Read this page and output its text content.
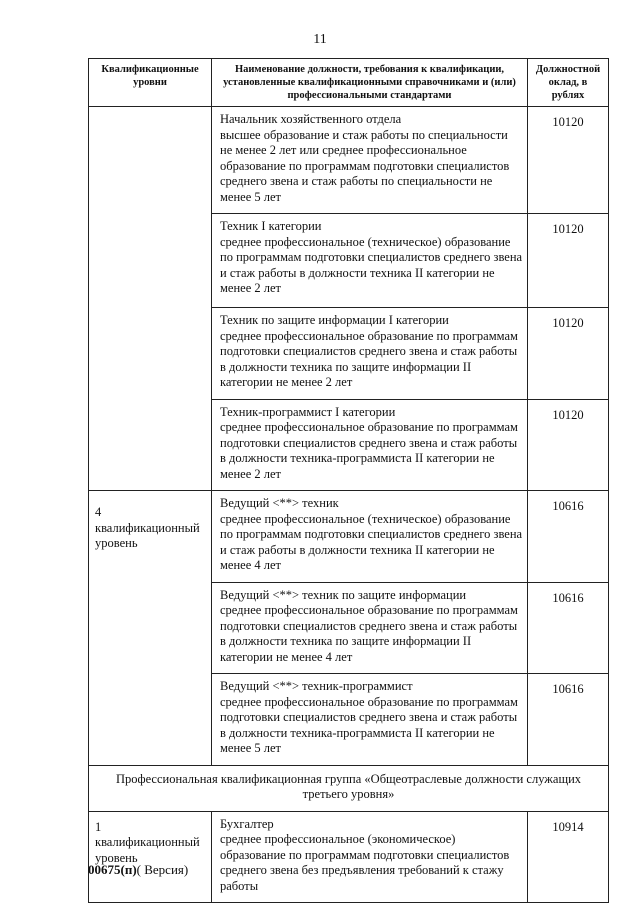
11
Квалификационные уровни	Наименование должности, требования к квалификации, установленные квалификационными справочниками и (или) профессиональными стандартами	Должностной оклад, в рублях

	Начальник хозяйственного отдела
высшее образование и стаж работы по специальности не менее 2 лет или среднее профессиональное образование по программам подготовки специалистов среднего звена и стаж работы по специальности не менее 5 лет	10120

	Техник I категории
среднее профессиональное (техническое) образование по программам подготовки специалистов среднего звена и стаж работы в должности техника II категории не менее 2 лет	10120

	Техник по защите информации I категории
среднее профессиональное образование по программам подготовки специалистов среднего звена и стаж работы в должности техника по защите информации II категории не менее 2 лет	10120

	Техник-программист I категории
среднее профессиональное образование по программам подготовки специалистов среднего звена и стаж работы в должности техника-программиста II категории не менее 2 лет	10120
4 квалификационный уровень	Ведущий <**> техник
среднее профессиональное (техническое) образование по программам подготовки специалистов среднего звена и стаж работы в должности техника II категории не менее 4 лет	10616

	Ведущий <**> техник по защите информации
среднее профессиональное образование по программам подготовки специалистов среднего звена и стаж работы в должности техника по защите информации II категории не менее 4 лет	10616

	Ведущий <**> техник-программист
среднее профессиональное образование по программам подготовки специалистов среднего звена и стаж работы в должности техника-программиста II категории не менее 5 лет	10616
Профессиональная квалификационная группа «Общеотраслевые должности служащих третьего уровня»		
1 квалификационный уровень	Бухгалтер
среднее профессиональное (экономическое) образование по программам подготовки специалистов среднего звена без предъявления требований к стажу работы	10914
00675(п)( Версия)
